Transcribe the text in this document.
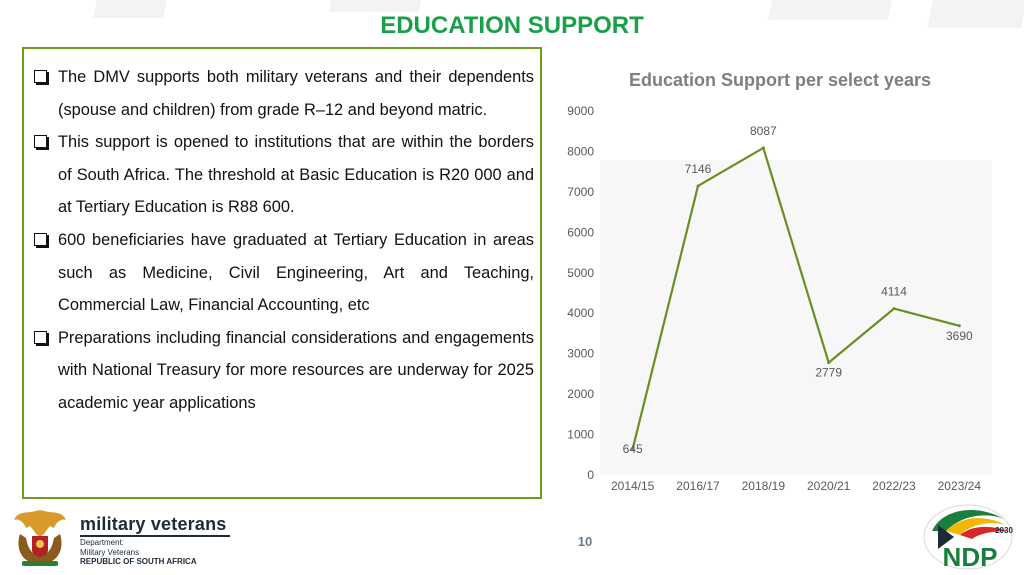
EDUCATION SUPPORT
The DMV supports both military veterans and their dependents (spouse and children) from grade R–12 and beyond matric.
This support is opened to institutions that are within the borders of South Africa. The threshold at Basic Education is R20 000 and at Tertiary Education is R88 600.
600 beneficiaries have graduated at Tertiary Education in areas such as Medicine, Civil Engineering, Art and Teaching, Commercial Law, Financial Accounting, etc
Preparations including financial considerations and engagements with National Treasury for more resources are underway for 2025 academic year applications
Education Support per select years
0
1000
2000
3000
4000
5000
6000
7000
8000
9000
2014/15 2016/17 2018/19 2020/21 2022/23 2023/24
645
7146
8087
2779
4114
3690
10
military veterans
Department:
Military Veterans
REPUBLIC OF SOUTH AFRICA	NDP
2030
